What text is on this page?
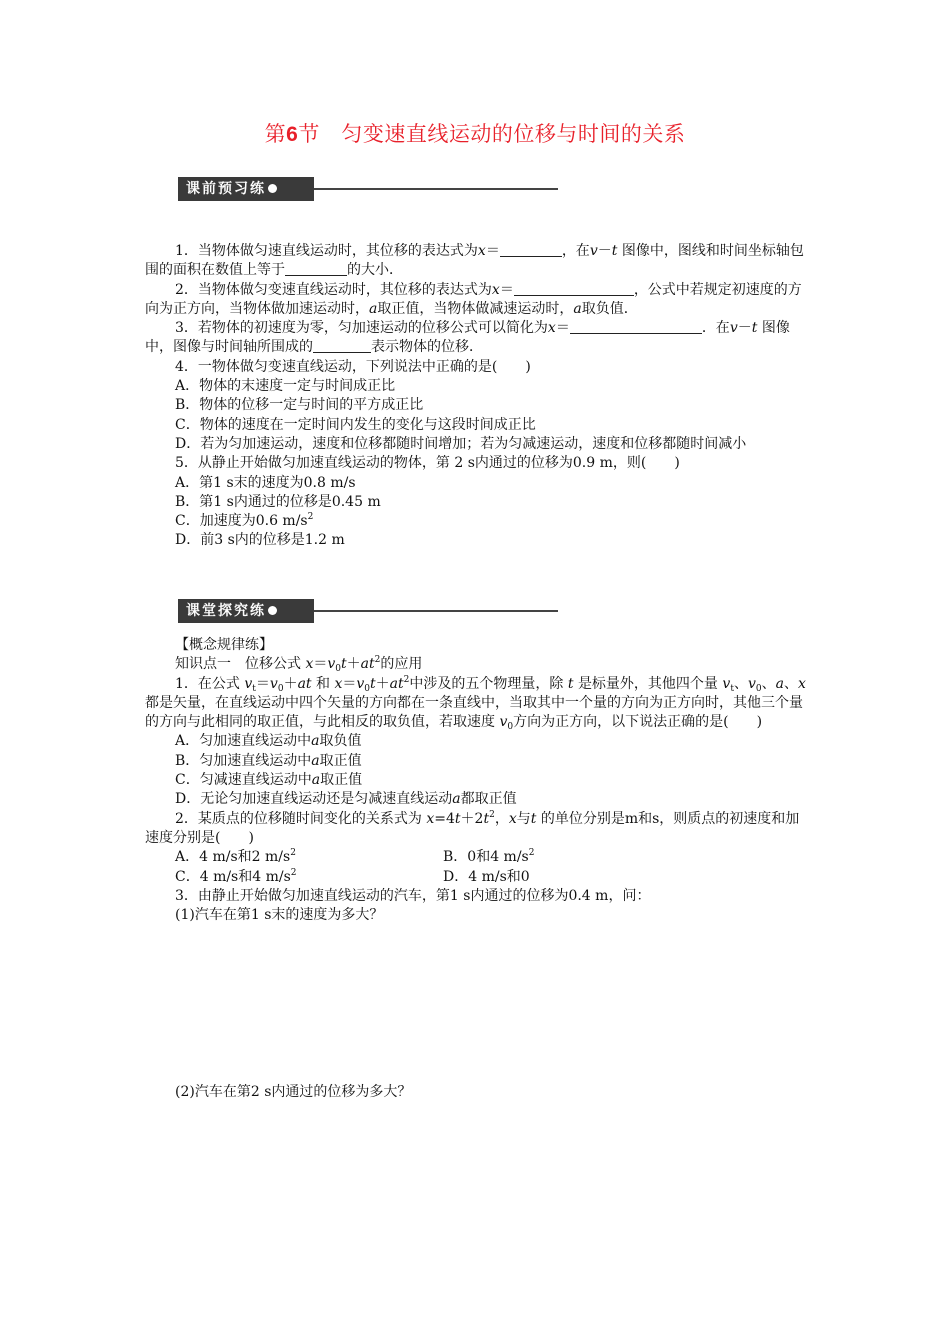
第6节　匀变速直线运动的位移与时间的关系
课前预习练

1．当物体做匀速直线运动时，其位移的表达式为x＝	，在v－t 图像中，图线和时间坐标轴包围的面积在数值上等于	的大小．

2．当物体做匀变速直线运动时，其位移的表达式为x＝	，公式中若规定初速度的方向为正方向，当物体做加速运动时，a取正值，当物体做减速运动时，a取负值．

3．若物体的初速度为零，匀加速运动的位移公式可以简化为x＝	．在v－t 图像中，图像与时间轴所围成的	表示物体的位移．

4．一物体做匀变速直线运动，下列说法中正确的是(　　)

A．物体的末速度一定与时间成正比

B．物体的位移一定与时间的平方成正比

C．物体的速度在一定时间内发生的变化与这段时间成正比

D．若为匀加速运动，速度和位移都随时间增加；若为匀减速运动，速度和位移都随时间减小

5．从静止开始做匀加速直线运动的物体，第 2 s内通过的位移为0.9 m，则(　　)

A．第1 s末的速度为0.8 m/s

B．第1 s内通过的位移是0.45 m

C．加速度为0.6 $m/s^2$

D．前3 s内的位移是1.2 m

课堂探究练

【概念规律练】

知识点一　位移公式 $x=v_0t+at^2$的应用

1．在公式 $v_t=v_0+at$ 和 $x=v_0t+at^2$中涉及的五个物理量，除 t 是标量外，其他四个量 $v_t$、$v_0$、a、x 都是矢量，在直线运动中四个矢量的方向都在一条直线中，当取其中一个量的方向为正方向时，其他三个量的方向与此相同的取正值，与此相反的取负值，若取速度 $v_0$方向为正方向，以下说法正确的是(　　)

A．匀加速直线运动中a取负值

B．匀加速直线运动中a取正值

C．匀减速直线运动中a取正值

D．无论匀加速直线运动还是匀减速直线运动a都取正值

2．某质点的位移随时间变化的关系式为 $x=4t+2t^2$，x与t 的单位分别是m和s，则质点的初速度和加速度分别是(　　)

A．4 m/s和2 $m/s^2$	B．0和4 $m/s^2$
C．4 m/s和4 $m/s^2$	D．4 m/s和0

3．由静止开始做匀加速直线运动的汽车，第1 s内通过的位移为0.4 m，问：

(1)汽车在第1 s末的速度为多大？

(2)汽车在第2 s内通过的位移为多大？
